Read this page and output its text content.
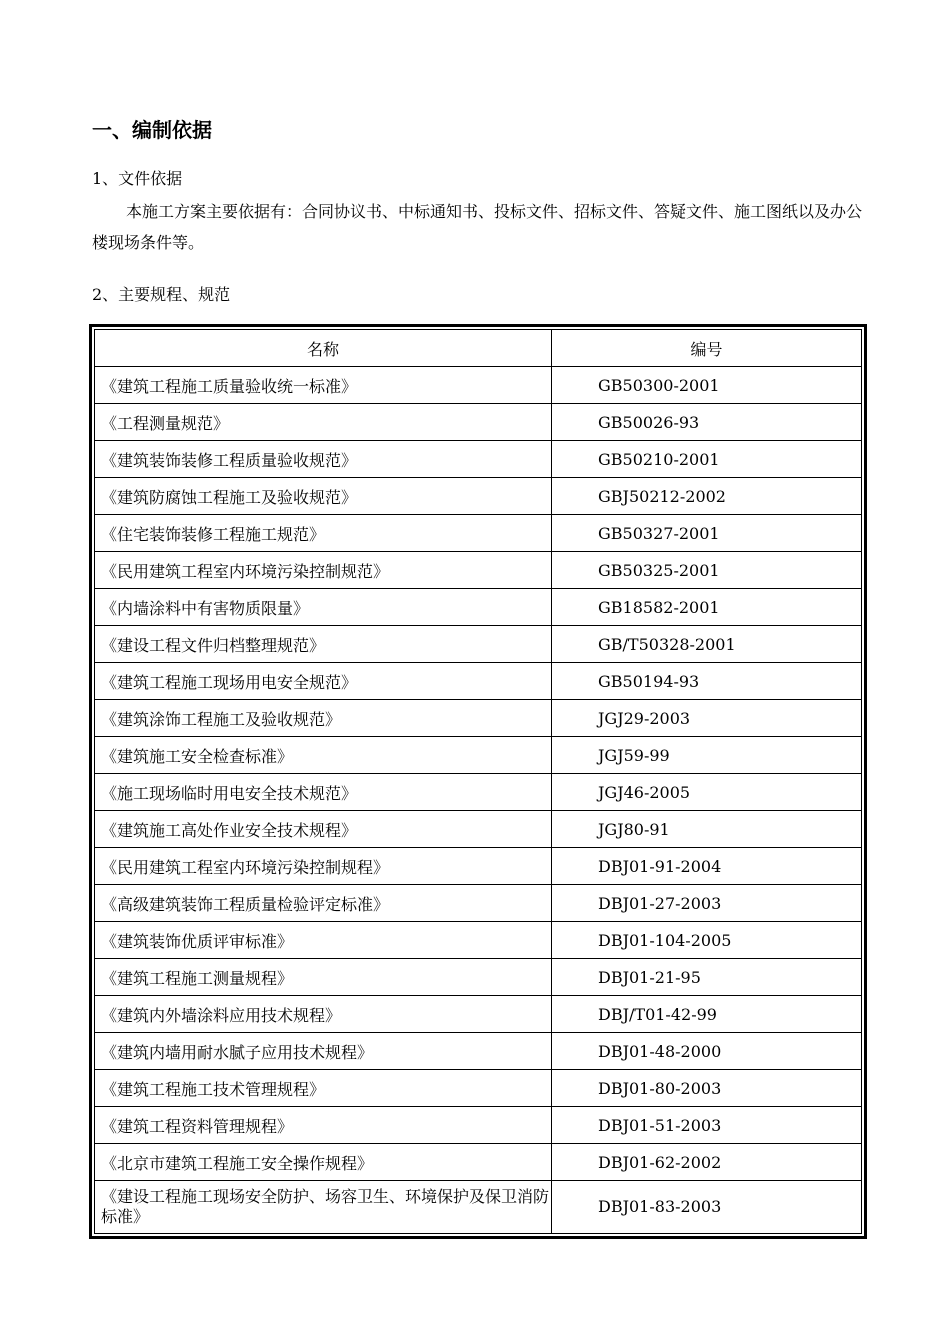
一、编制依据

1、文件依据

本施工方案主要依据有：合同协议书、中标通知书、投标文件、招标文件、答疑文件、施工图纸以及办公楼现场条件等。

2、主要规程、规范

名称	编号
《建筑工程施工质量验收统一标准》	GB50300-2001
《工程测量规范》	GB50026-93
《建筑装饰装修工程质量验收规范》	GB50210-2001
《建筑防腐蚀工程施工及验收规范》	GBJ50212-2002
《住宅装饰装修工程施工规范》	GB50327-2001
《民用建筑工程室内环境污染控制规范》	GB50325-2001
《内墙涂料中有害物质限量》	GB18582-2001
《建设工程文件归档整理规范》	GB/T50328-2001
《建筑工程施工现场用电安全规范》	GB50194-93
《建筑涂饰工程施工及验收规范》	JGJ29-2003
《建筑施工安全检查标准》	JGJ59-99
《施工现场临时用电安全技术规范》	JGJ46-2005
《建筑施工高处作业安全技术规程》	JGJ80-91
《民用建筑工程室内环境污染控制规程》	DBJ01-91-2004
《高级建筑装饰工程质量检验评定标准》	DBJ01-27-2003
《建筑装饰优质评审标准》	DBJ01-104-2005
《建筑工程施工测量规程》	DBJ01-21-95
《建筑内外墙涂料应用技术规程》	DBJ/T01-42-99
《建筑内墙用耐水腻子应用技术规程》	DBJ01-48-2000
《建筑工程施工技术管理规程》	DBJ01-80-2003
《建筑工程资料管理规程》	DBJ01-51-2003
《北京市建筑工程施工安全操作规程》	DBJ01-62-2002
《建设工程施工现场安全防护、场容卫生、环境保护及保卫消防标准》	DBJ01-83-2003
